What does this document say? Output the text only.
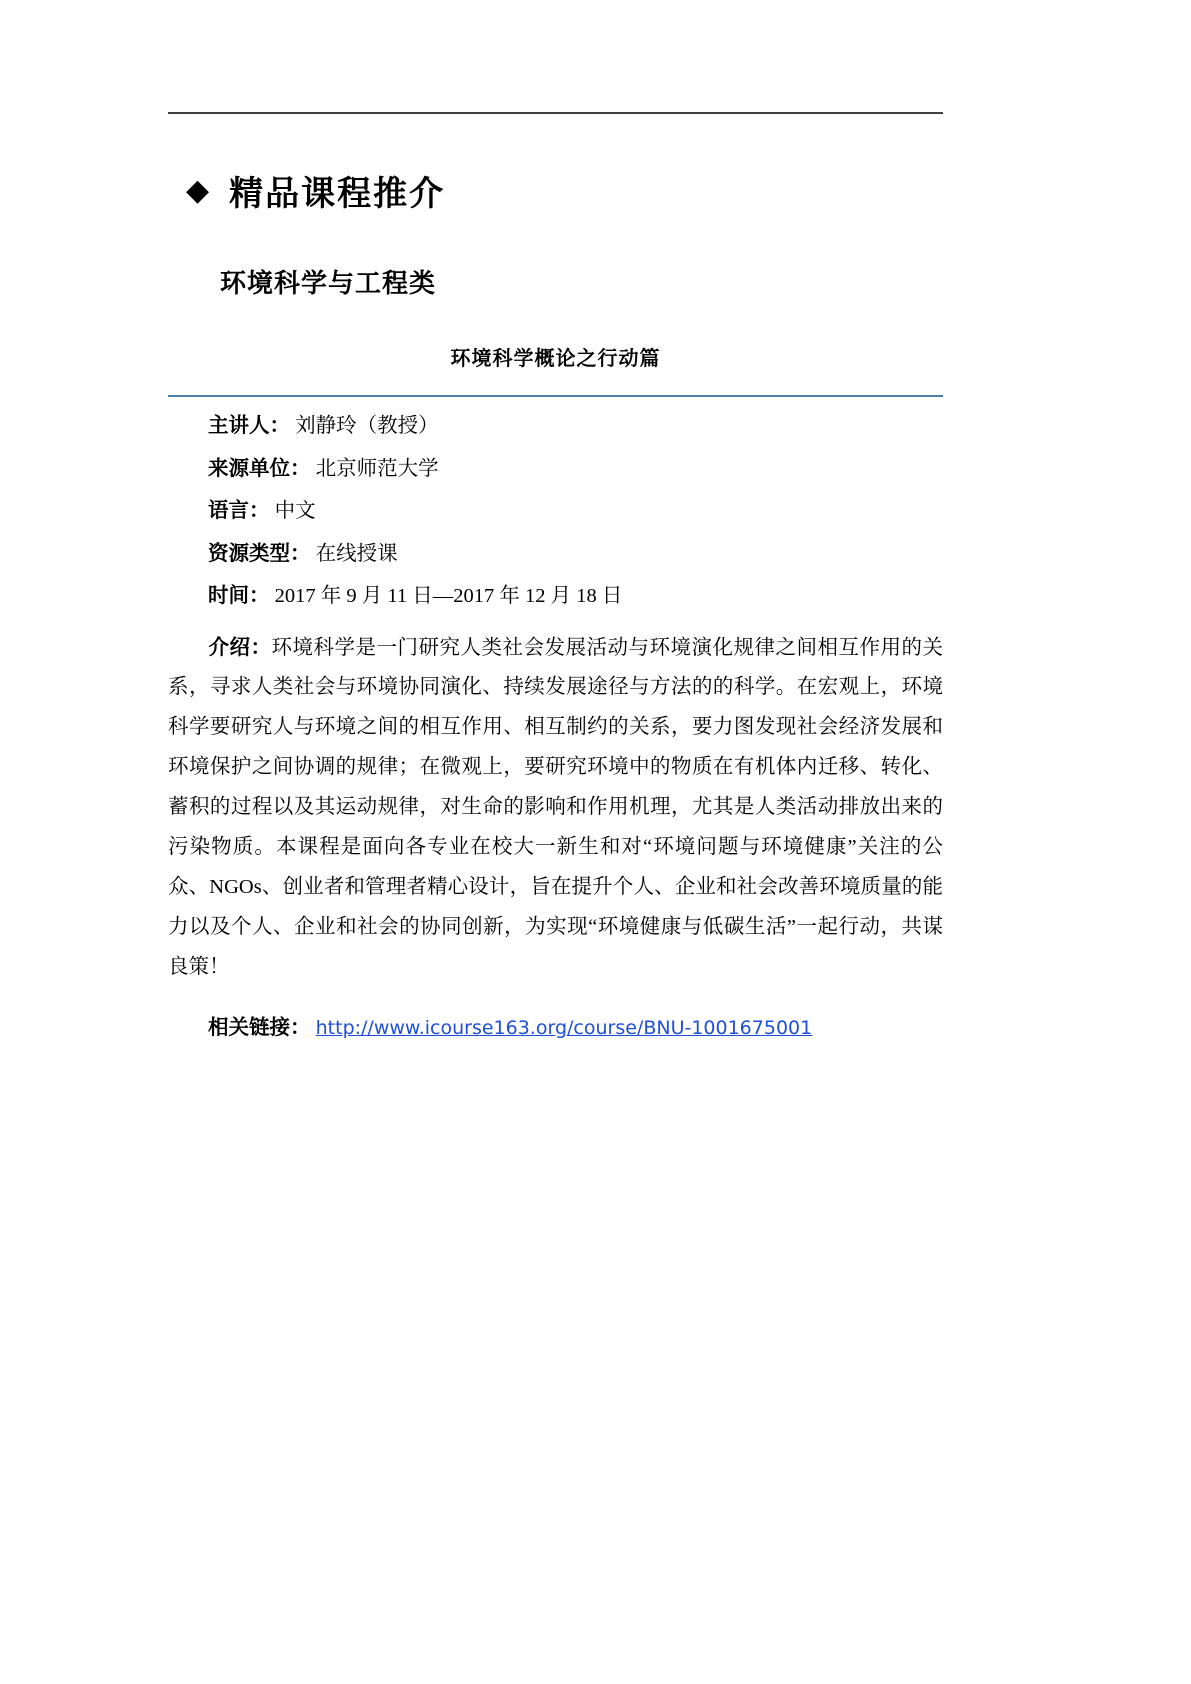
◆ 精品课程推介
环境科学与工程类
环境科学概论之行动篇
主讲人： 刘静玲（教授）
来源单位： 北京师范大学
语言： 中文
资源类型： 在线授课
时间： 2017 年 9 月 11 日—2017 年 12 月 18 日
介绍：环境科学是一门研究人类社会发展活动与环境演化规律之间相互作用的关系，寻求人类社会与环境协同演化、持续发展途径与方法的的科学。在宏观上，环境科学要研究人与环境之间的相互作用、相互制约的关系，要力图发现社会经济发展和环境保护之间协调的规律；在微观上，要研究环境中的物质在有机体内迁移、转化、蓄积的过程以及其运动规律，对生命的影响和作用机理，尤其是人类活动排放出来的污染物质。本课程是面向各专业在校大一新生和对“环境问题与环境健康”关注的公众、NGOs、创业者和管理者精心设计，旨在提升个人、企业和社会改善环境质量的能力以及个人、企业和社会的协同创新，为实现“环境健康与低碳生活”一起行动，共谋良策！
相关链接： http://www.icourse163.org/course/BNU-1001675001
